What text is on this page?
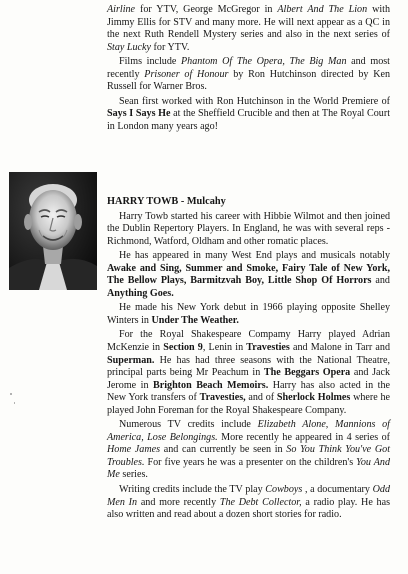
Airline for YTV, George McGregor in Albert And The Lion with Jimmy Ellis for STV and many more. He will next appear as a QC in the next Ruth Rendell Mystery series and also in the next series of Stay Lucky for YTV.

Films include Phantom Of The Opera, The Big Man and most recently Prisoner of Honour by Ron Hutchinson directed by Ken Russell for Warner Bros.

Sean first worked with Ron Hutchinson in the World Premiere of Says I Says He at the Sheffield Crucible and then at The Royal Court in London many years ago!

HARRY TOWB - Mulcahy

Harry Towb started his career with Hibbie Wilmot and then joined the Dublin Repertory Players. In England, he was with several reps - Richmond, Watford, Oldham and other romatic places.

He has appeared in many West End plays and musicals notably Awake and Sing, Summer and Smoke, Fairy Tale of New York, The Bellow Plays, Barmitzvah Boy, Little Shop Of Horrors and Anything Goes.

He made his New York debut in 1966 playing opposite Shelley Winters in Under The Weather.

For the Royal Shakespeare Compamy Harry played Adrian McKenzie in Section 9, Lenin in Travesties and Malone in Tarr and Superman. He has had three seasons with the National Theatre, principal parts being Mr Peachum in The Beggars Opera and Jack Jerome in Brighton Beach Memoirs. Harry has also acted in the New York transfers of Travesties, and of Sherlock Holmes where he played John Foreman for the Royal Shakespeare Company.

Numerous TV credits include Elizabeth Alone, Mannions of America, Lose Belongings. More recently he appeared in 4 series of Home James and can currently be seen in So You Think You've Got Troubles. For five years he was a presenter on the children's You And Me series.

Writing credits include the TV play Cowboys , a documentary Odd Men In and more recently The Debt Collector, a radio play. He has also written and read about a dozen short stories for radio.
